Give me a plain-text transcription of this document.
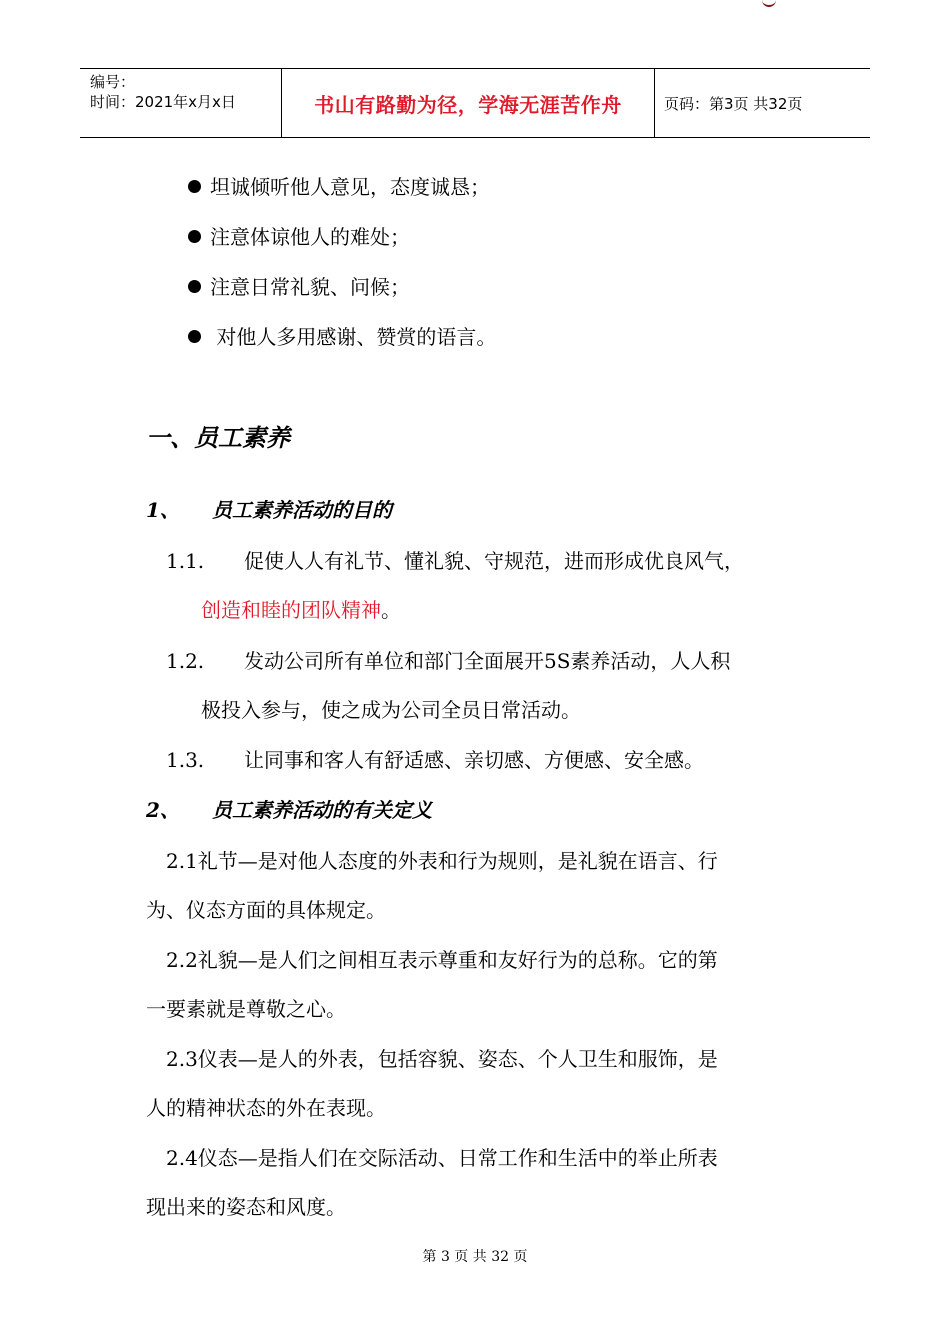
编号：
时间：2021年x月x日	书山有路勤为径，学海无涯苦作舟	页码：第3页 共32页
坦诚倾听他人意见，态度诚恳；
注意体谅他人的难处；
注意日常礼貌、问候；
对他人多用感谢、赞赏的语言。
一、员工素养
1、 员工素养活动的目的
1.1. 促使人人有礼节、懂礼貌、守规范，进而形成优良风气，
创造和睦的团队精神。
1.2. 发动公司所有单位和部门全面展开5S素养活动，人人积
极投入参与，使之成为公司全员日常活动。
1.3. 让同事和客人有舒适感、亲切感、方便感、安全感。
2、 员工素养活动的有关定义
2.1礼节—是对他人态度的外表和行为规则，是礼貌在语言、行
为、仪态方面的具体规定。
2.2礼貌—是人们之间相互表示尊重和友好行为的总称。它的第
一要素就是尊敬之心。
2.3仪表—是人的外表，包括容貌、姿态、个人卫生和服饰，是
人的精神状态的外在表现。
2.4仪态—是指人们在交际活动、日常工作和生活中的举止所表
现出来的姿态和风度。
第 3 页 共 32 页
